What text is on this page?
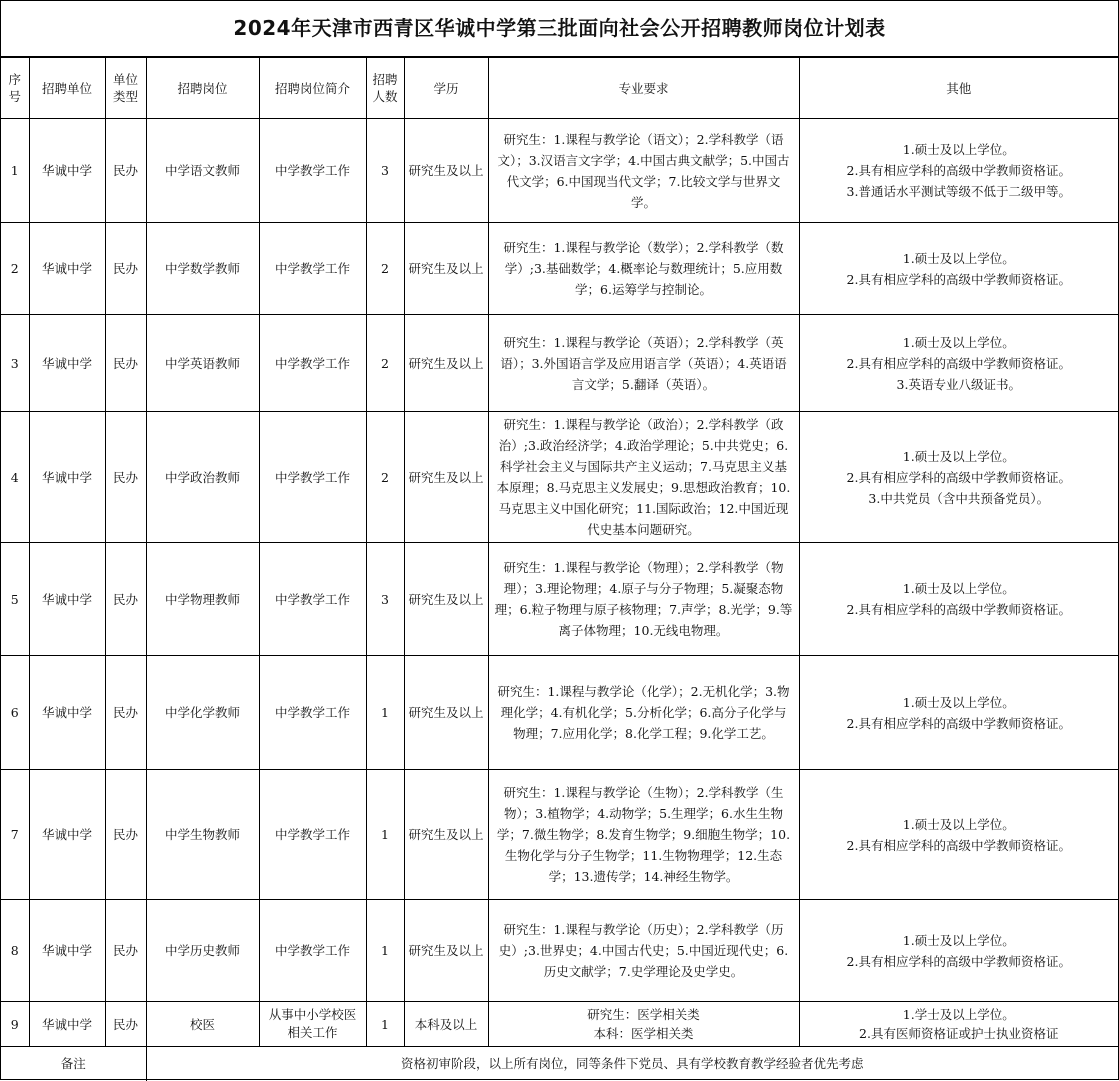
2024年天津市西青区华诚中学第三批面向社会公开招聘教师岗位计划表
序
号	招聘单位	单位
类型	招聘岗位	招聘岗位简介	招聘
人数	学历	专业要求	其他
1	华诚中学	民办	中学语文教师	中学教学工作	3	研究生及以上	研究生：1.课程与教学论（语文）；2.学科教学（语文）；3.汉语言文字学；4.中国古典文献学；5.中国古代文学；6.中国现当代文学；7.比较文学与世界文学。	1.硕士及以上学位。
2.具有相应学科的高级中学教师资格证。
3.普通话水平测试等级不低于二级甲等。
2	华诚中学	民办	中学数学教师	中学教学工作	2	研究生及以上	研究生：1.课程与教学论（数学）；2.学科教学（数学）;3.基础数学；4.概率论与数理统计；5.应用数学；6.运筹学与控制论。	1.硕士及以上学位。
2.具有相应学科的高级中学教师资格证。
3	华诚中学	民办	中学英语教师	中学教学工作	2	研究生及以上	研究生：1.课程与教学论（英语）；2.学科教学（英语）；3.外国语言学及应用语言学（英语）；4.英语语言文学；5.翻译（英语）。	1.硕士及以上学位。
2.具有相应学科的高级中学教师资格证。
3.英语专业八级证书。
4	华诚中学	民办	中学政治教师	中学教学工作	2	研究生及以上	研究生：1.课程与教学论（政治）；2.学科教学（政治）;3.政治经济学；4.政治学理论；5.中共党史；6.科学社会主义与国际共产主义运动；7.马克思主义基本原理；8.马克思主义发展史；9.思想政治教育；10.马克思主义中国化研究；11.国际政治；12.中国近现代史基本问题研究。	1.硕士及以上学位。
2.具有相应学科的高级中学教师资格证。
3.中共党员（含中共预备党员）。
5	华诚中学	民办	中学物理教师	中学教学工作	3	研究生及以上	研究生：1.课程与教学论（物理）；2.学科教学（物理）；3.理论物理；4.原子与分子物理；5.凝聚态物理；6.粒子物理与原子核物理；7.声学；8.光学；9.等离子体物理；10.无线电物理。	1.硕士及以上学位。
2.具有相应学科的高级中学教师资格证。
6	华诚中学	民办	中学化学教师	中学教学工作	1	研究生及以上	研究生：1.课程与教学论（化学）；2.无机化学；3.物理化学；4.有机化学；5.分析化学；6.高分子化学与物理；7.应用化学；8.化学工程；9.化学工艺。	1.硕士及以上学位。
2.具有相应学科的高级中学教师资格证。
7	华诚中学	民办	中学生物教师	中学教学工作	1	研究生及以上	研究生：1.课程与教学论（生物）；2.学科教学（生物）；3.植物学；4.动物学；5.生理学；6.水生生物学；7.微生物学；8.发育生物学；9.细胞生物学；10.生物化学与分子生物学；11.生物物理学；12.生态学；13.遗传学；14.神经生物学。	1.硕士及以上学位。
2.具有相应学科的高级中学教师资格证。
8	华诚中学	民办	中学历史教师	中学教学工作	1	研究生及以上	研究生：1.课程与教学论（历史）；2.学科教学（历史）;3.世界史；4.中国古代史；5.中国近现代史；6.历史文献学；7.史学理论及史学史。	1.硕士及以上学位。
2.具有相应学科的高级中学教师资格证。
9	华诚中学	民办	校医	从事中小学校医相关工作	1	本科及以上	研究生：医学相关类
本科：医学相关类	1.学士及以上学位。
2.具有医师资格证或护士执业资格证
备注			资格初审阶段，以上所有岗位，同等条件下党员、具有学校教育教学经验者优先考虑					
